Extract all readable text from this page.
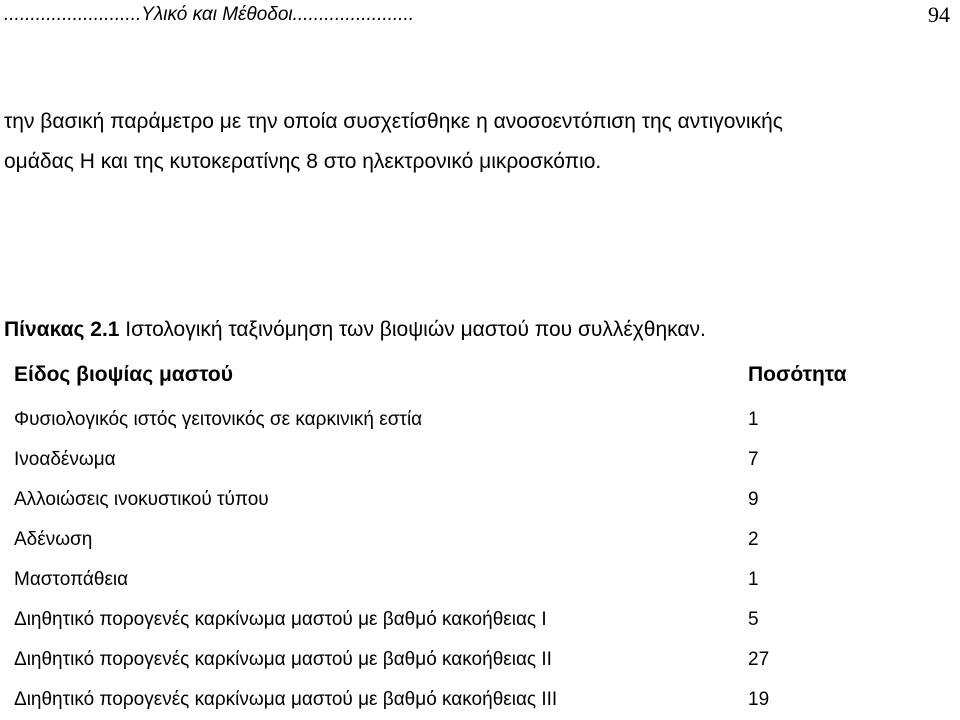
..........................Υλικό και Μέθοδοι.......................	94
την βασική παράμετρο με την οποία συσχετίσθηκε η ανοσοεντόπιση της αντιγονικής
ομάδας Η και της κυτοκερατίνης 8 στο ηλεκτρονικό μικροσκόπιο.
Πίνακας 2.1 Ιστολογική ταξινόμηση των βιοψιών μαστού που συλλέχθηκαν.
Είδος βιοψίας μαστού	Ποσότητα
Φυσιολογικός ιστός γειτονικός σε καρκινική εστία	1
Ινοαδένωμα	7
Αλλοιώσεις ινοκυστικού τύπου	9
Αδένωση	2
Μαστοπάθεια	1
Διηθητικό πορογενές καρκίνωμα μαστού με βαθμό κακοήθειας Ι	5
Διηθητικό πορογενές καρκίνωμα μαστού με βαθμό κακοήθειας ΙΙ	27
Διηθητικό πορογενές καρκίνωμα μαστού με βαθμό κακοήθειας ΙΙΙ	19
